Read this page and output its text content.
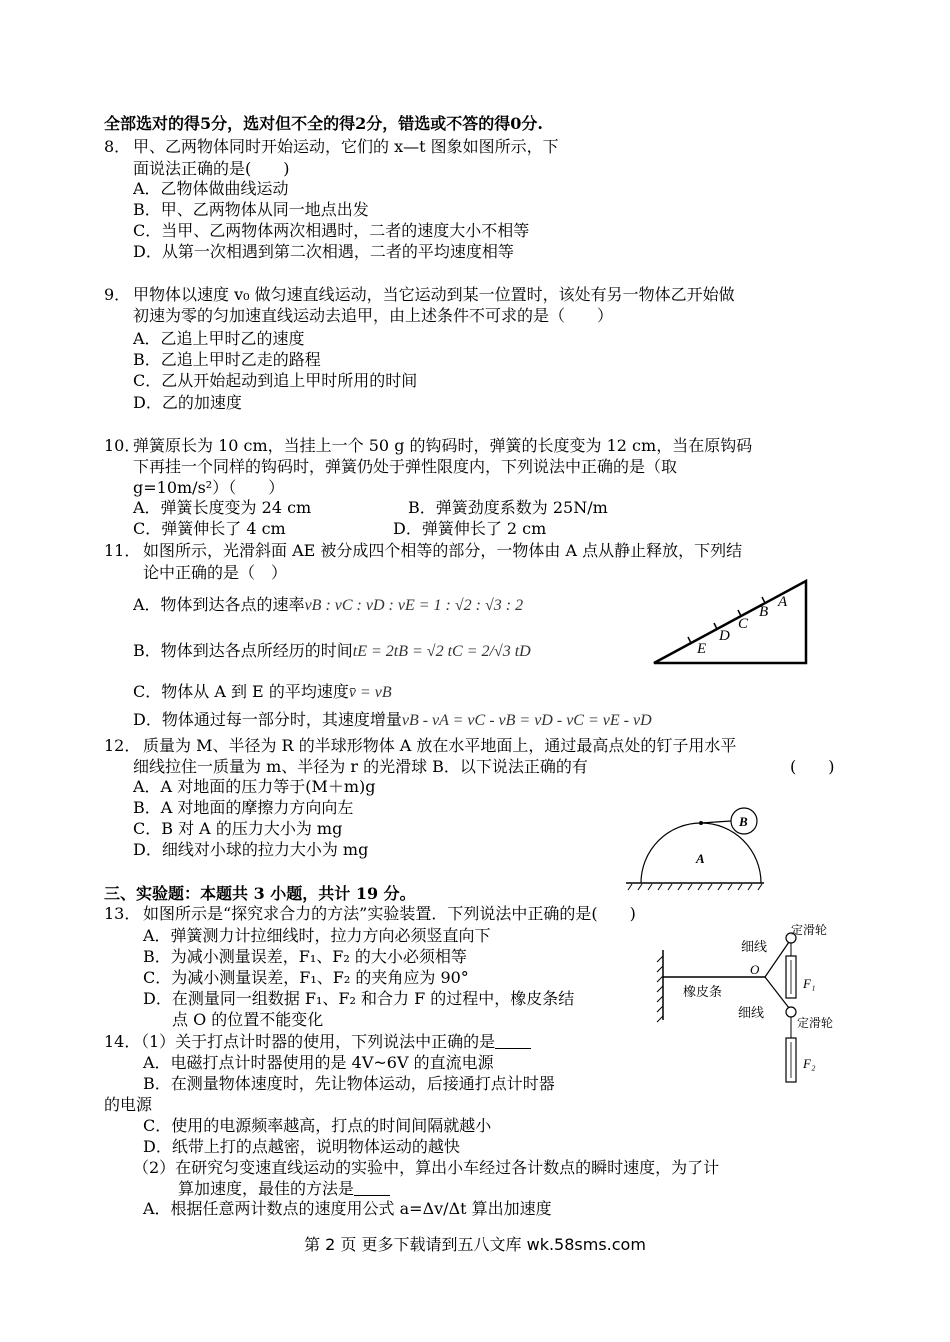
全部选对的得5分，选对但不全的得2分，错选或不答的得0分.
8． 甲、乙两物体同时开始运动，它们的 x—t 图象如图所示，下
面说法正确的是(　　)
A．乙物体做曲线运动
B．甲、乙两物体从同一地点出发
C．当甲、乙两物体两次相遇时，二者的速度大小不相等
D．从第一次相遇到第二次相遇，二者的平均速度相等
9． 甲物体以速度 v₀ 做匀速直线运动，当它运动到某一位置时，该处有另一物体乙开始做
初速为零的匀加速直线运动去追甲，由上述条件不可求的是（　　）
A．乙追上甲时乙的速度
B．乙追上甲时乙走的路程
C．乙从开始起动到追上甲时所用的时间
D．乙的加速度
10．
弹簧原长为 10 cm，当挂上一个 50 g 的钩码时，弹簧的长度变为 12 cm，当在原钩码
下再挂一个同样的钩码时，弹簧仍处于弹性限度内，下列说法中正确的是（取
g=10m/s²）（　　）
A．弹簧长度变为 24 cm	B．弹簧劲度系数为 25N/m
C．弹簧伸长了 4 cm	D．弹簧伸长了 2 cm
11． 如图所示，光滑斜面 AE 被分成四个相等的部分，一物体由 A 点从静止释放，下列结
论中正确的是（　）
A．物体到达各点的速率vB : vC : vD : vE = 1 : √2 : √3 : 2
B．物体到达各点所经历的时间tE = 2tB = √2 tC = 2/√3 tD
C．物体从 A 到 E 的平均速度v̄ = vB
D．物体通过每一部分时，其速度增量vB - vA = vC - vB = vD - vC = vE - vD
E
D
C
B
A
12． 质量为 M、半径为 R 的半球形物体 A 放在水平地面上，通过最高点处的钉子用水平
细线拉住一质量为 m、半径为 r 的光滑球 B．以下说法正确的有	(　　)
A．A 对地面的压力等于(M＋m)g
B．A 对地面的摩擦力方向向左
C．B 对 A 的压力大小为 mg
D．细线对小球的拉力大小为 mg
B
A
三、实验题：本题共 3 小题，共计 19 分。
13． 如图所示是“探究求合力的方法”实验装置．下列说法中正确的是(　　)
A．弹簧测力计拉细线时，拉力方向必须竖直向下
B．为减小测量误差，F₁、F₂ 的大小必须相等
C．为减小测量误差，F₁、F₂ 的夹角应为 90°
D．在测量同一组数据 F₁、F₂ 和合力 F 的过程中，橡皮条结
点 O 的位置不能变化
定滑轮
定滑轮
细线
细线
O
橡皮条
F₁
F₂
14．
（1）关于打点计时器的使用，下列说法中正确的是
A．电磁打点计时器使用的是 4V~6V 的直流电源
B．在测量物体速度时，先让物体运动，后接通打点计时器
的电源
C．使用的电源频率越高，打点的时间间隔就越小
D．纸带上打的点越密，说明物体运动的越快
（2）在研究匀变速直线运动的实验中，算出小车经过各计数点的瞬时速度，为了计
算加速度，最佳的方法是
A．根据任意两计数点的速度用公式 a=Δv/Δt 算出加速度
第 2 页 更多下载请到五八文库 wk.58sms.com
